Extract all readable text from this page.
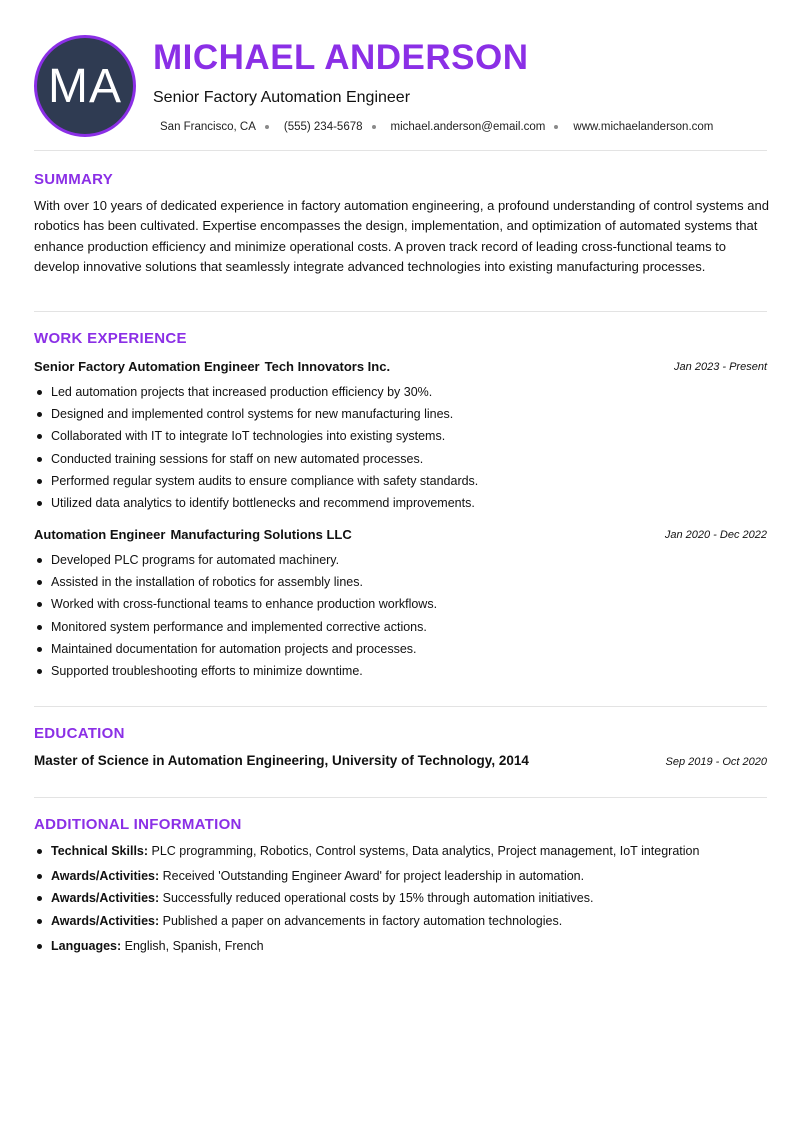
MA
MICHAEL ANDERSON
Senior Factory Automation Engineer
San Francisco, CA (555) 234-5678 michael.anderson@email.com www.michaelanderson.com
SUMMARY
With over 10 years of dedicated experience in factory automation engineering, a profound understanding of control systems and robotics has been cultivated. Expertise encompasses the design, implementation, and optimization of automated systems that enhance production efficiency and minimize operational costs. A proven track record of leading cross-functional teams to develop innovative solutions that seamlessly integrate advanced technologies into existing manufacturing processes.
WORK EXPERIENCE
Senior Factory Automation Engineer Tech Innovators Inc.	Jan 2023 - Present
Led automation projects that increased production efficiency by 30%.
Designed and implemented control systems for new manufacturing lines.
Collaborated with IT to integrate IoT technologies into existing systems.
Conducted training sessions for staff on new automated processes.
Performed regular system audits to ensure compliance with safety standards.
Utilized data analytics to identify bottlenecks and recommend improvements.
Automation Engineer Manufacturing Solutions LLC	Jan 2020 - Dec 2022
Developed PLC programs for automated machinery.
Assisted in the installation of robotics for assembly lines.
Worked with cross-functional teams to enhance production workflows.
Monitored system performance and implemented corrective actions.
Maintained documentation for automation projects and processes.
Supported troubleshooting efforts to minimize downtime.
EDUCATION
Master of Science in Automation Engineering, University of Technology, 2014	Sep 2019 - Oct 2020
ADDITIONAL INFORMATION
Technical Skills: PLC programming, Robotics, Control systems, Data analytics, Project management, IoT integration
Awards/Activities: Received 'Outstanding Engineer Award' for project leadership in automation.
Awards/Activities: Successfully reduced operational costs by 15% through automation initiatives.
Awards/Activities: Published a paper on advancements in factory automation technologies.
Languages: English, Spanish, French
